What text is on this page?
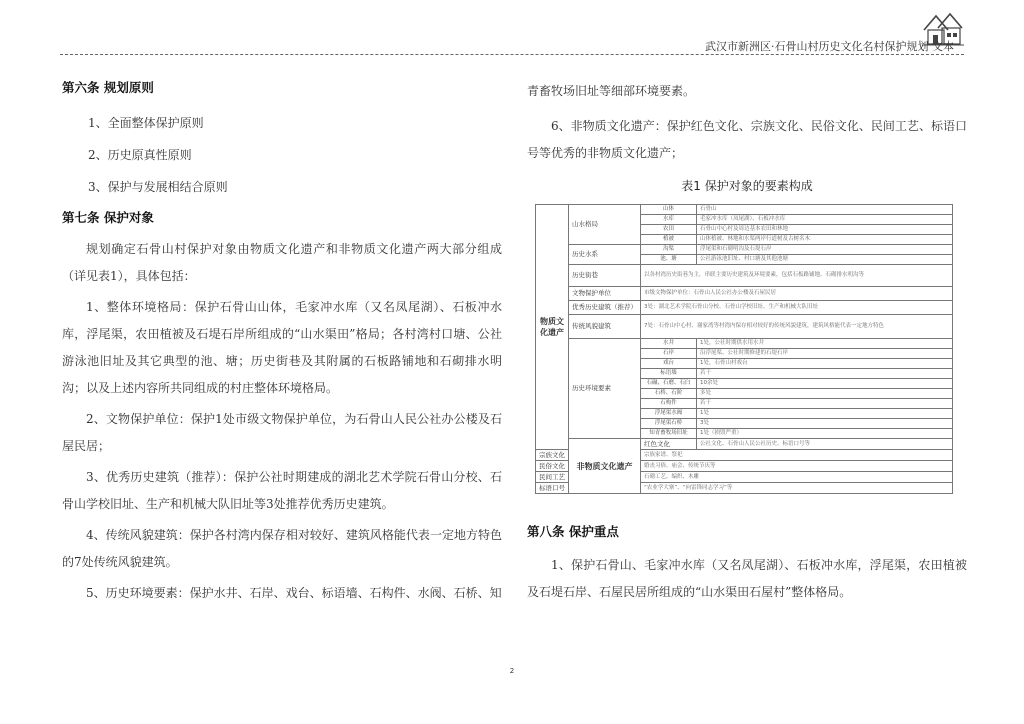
武汉市新洲区·石骨山村历史文化名村保护规划 文本
第六条 规划原则
1、全面整体保护原则
2、历史原真性原则
3、保护与发展相结合原则
第七条 保护对象

规划确定石骨山村保护对象由物质文化遗产和非物质文化遗产两大部分组成（详见表1），具体包括：

1、整体环境格局：保护石骨山山体，毛家冲水库（又名凤尾湖）、石板冲水库，浮尾渠，农田植被及石堤石岸所组成的“山水渠田”格局；各村湾村口塘、公社游泳池旧址及其它典型的池、塘；历史街巷及其附属的石板路铺地和石砌排水明沟；以及上述内容所共同组成的村庄整体环境格局。

2、文物保护单位：保护1处市级文物保护单位，为石骨山人民公社办公楼及石屋民居；

3、优秀历史建筑（推荐）：保护公社时期建成的湖北艺术学院石骨山分校、石骨山学校旧址、生产和机械大队旧址等3处推荐优秀历史建筑。

4、传统风貌建筑：保护各村湾内保存相对较好、建筑风格能代表一定地方特色的7处传统风貌建筑。

5、历史环境要素：保护水井、石岸、戏台、标语墙、石构件、水阀、石桥、知

青畜牧场旧址等细部环境要素。

6、非物质文化遗产：保护红色文化、宗族文化、民俗文化、民间工艺、标语口号等优秀的非物质文化遗产；

表1 保护对象的要素构成
物质文化遗产	山水格局	山体	石骨山
		水库	毛家冲水库（凤尾湖）、石板冲水库
		农田	石骨山中心村及周边基本农田和林地
		植被	山体植被、林地和水渠两岸行道树及古树名木
	历史水系	沟渠	浮尾渠和石砌明沟及石堤石岸
		池、塘	公社游泳池旧址、村口塘及其他池塘
	历史街巷	以各村湾历史街巷为主，串联主要历史建筑及环境要素，包括石板路铺地、石砌排水明沟等	
	文物保护单位	市级文物保护单位：石骨山人民公社办公楼及石屋民居	
	优秀历史建筑（推荐）	3处：湖北艺术学院石骨山分校、石骨山学校旧址、生产和机械大队旧址	
	传统风貌建筑	7处：石骨山中心村、谢家湾等村湾内保存相对较好的传统风貌建筑，建筑风格能代表一定地方特色	
	历史环境要素	水井	1处，公社时期供水用水井
		石岸	沿浮尾渠、公社时期修建的石堤石岸
		戏台	1处，石骨山村戏台
		标语墙	若干
		石碾、石磨、石臼	10余处
		石桥、石阶	多处
		石构件	若干
		浮尾渠水阀	1处
		浮尾渠石桥	3处
		知青畜牧场旧址	1处（损毁严重）
	非物质文化遗产	红色文化	公社文化、石骨山人民公社历史、标语口号等
宗族文化		宗族家谱、祭祀	
民俗文化		婚丧习俗、庙会、传统节庆等	
民间工艺		石砌工艺、编织、木雕	
标语口号		“农业学大寨”、“向雷锋同志学习”等	
第八条 保护重点

1、保护石骨山、毛家冲水库（又名凤尾湖）、石板冲水库，浮尾渠，农田植被及石堤石岸、石屋民居所组成的“山水渠田石屋村”整体格局。

2
